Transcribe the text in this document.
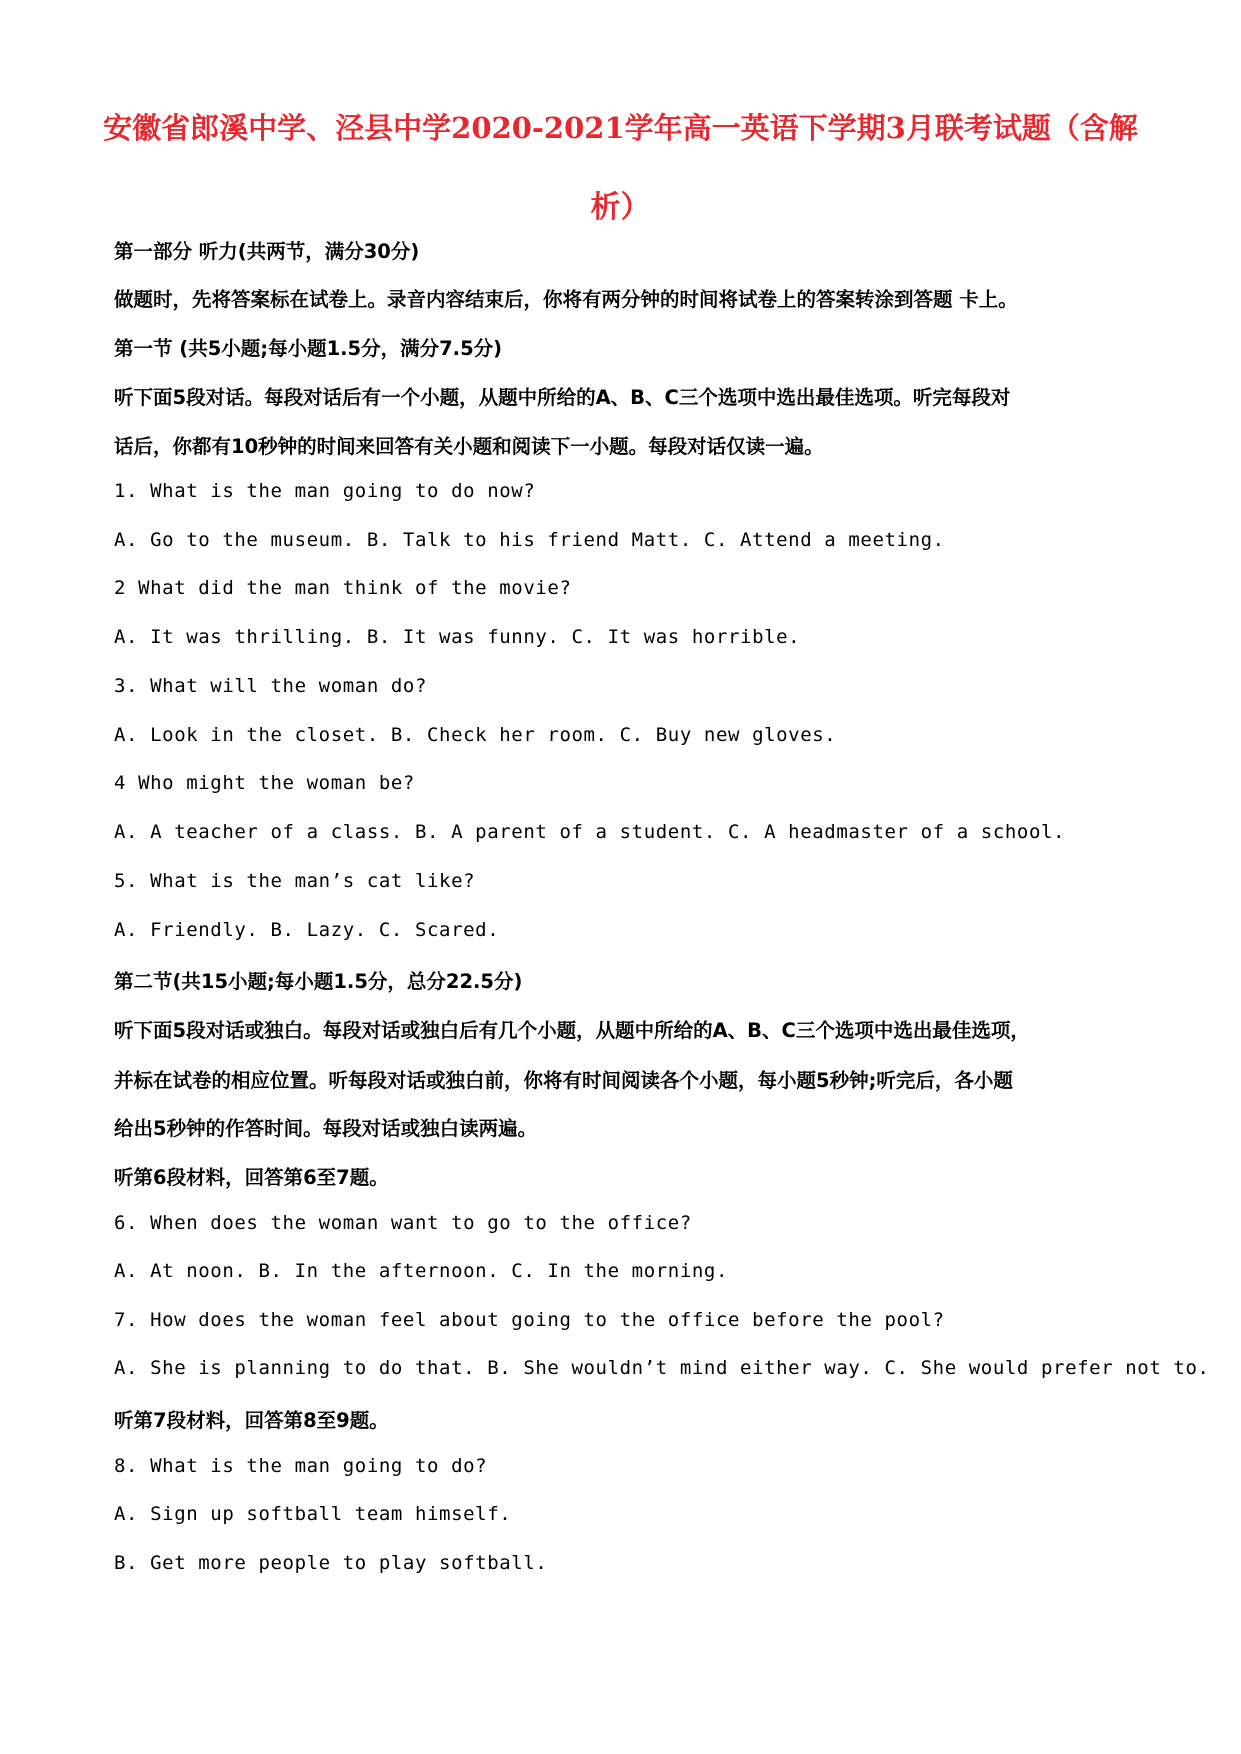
安徽省郎溪中学、泾县中学2020-2021学年高一英语下学期3月联考试题（含解
析）
第一部分 听力(共两节，满分30分)
做题时，先将答案标在试卷上。录音内容结束后，你将有两分钟的时间将试卷上的答案转涂到答题 卡上。
第一节 (共5小题;每小题1.5分，满分7.5分)
听下面5段对话。每段对话后有一个小题，从题中所给的A、B、C三个选项中选出最佳选项。听完每段对
话后，你都有10秒钟的时间来回答有关小题和阅读下一小题。每段对话仅读一遍。
1. What is the man going to do now?
A. Go to the museum. B. Talk to his friend Matt. C. Attend a meeting.
2 What did the man think of the movie?
A. It was thrilling. B. It was funny. C. It was horrible.
3. What will the woman do?
A. Look in the closet. B. Check her room. C. Buy new gloves.
4 Who might the woman be?
A. A teacher of a class. B. A parent of a student. C. A headmaster of a school.
5. What is the man’s cat like?
A. Friendly. B. Lazy. C. Scared.
第二节(共15小题;每小题1.5分，总分22.5分)
听下面5段对话或独白。每段对话或独白后有几个小题，从题中所给的A、B、C三个选项中选出最佳选项，
并标在试卷的相应位置。听每段对话或独白前，你将有时间阅读各个小题，每小题5秒钟;听完后，各小题
给出5秒钟的作答时间。每段对话或独白读两遍。
听第6段材料，回答第6至7题。
6. When does the woman want to go to the office?
A. At noon. B. In the afternoon. C. In the morning.
7. How does the woman feel about going to the office before the pool?
A. She is planning to do that. B. She wouldn’t mind either way. C. She would prefer not to.
听第7段材料，回答第8至9题。
8. What is the man going to do?
A. Sign up softball team himself.
B. Get more people to play softball.
